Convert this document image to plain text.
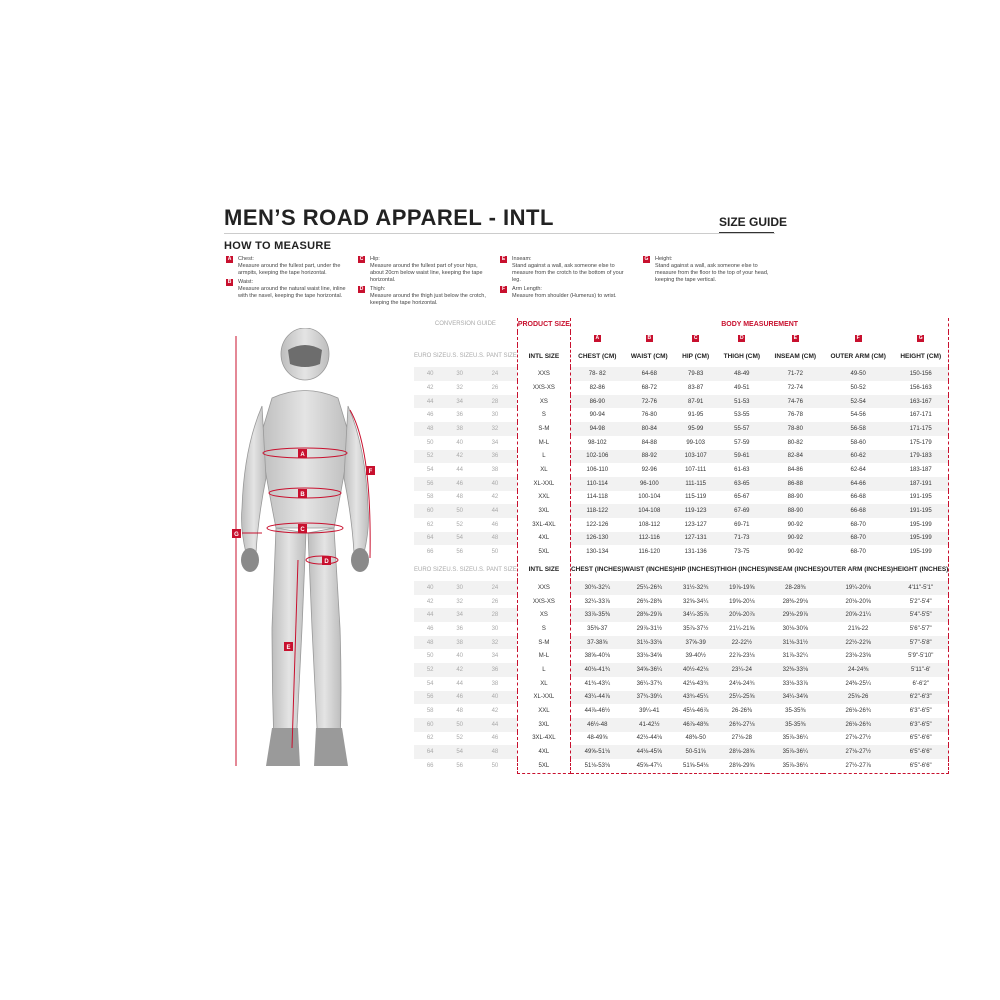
MEN’S ROAD APPAREL - INTL	SIZE GUIDE
HOW TO MEASURE
A	Chest:
Measure around the fullest part, under the armpits, keeping the tape horizontal.
B	Waist:
Measure around the natural waist line, inline with the navel, keeping the tape horizontal.
C	Hip:
Measure around the fullest part of your hips, about 20cm below waist line, keeping the tape horizontal.
D	Thigh:
Measure around the thigh just below the crotch, keeping the tape horizontal.
E	Inseam:
Stand against a wall, ask someone else to measure from the crotch to the bottom of your leg.
F	Arm Length:
Measure from shoulder (Humerus) to wrist.
G Height:
Stand against a wall, ask someone else to measure from the floor to the top of your head, keeping the tape vertical.
A
B
C
D
E
F
G
CONVERSION GUIDE			PRODUCT SIZE	BODY MEASUREMENT						
				A	B	C	D	E	F	G
EURO SIZE	U.S. SIZE	U.S. PANT SIZE	INTL SIZE	CHEST (CM)	WAIST (CM)	HIP (CM)	THIGH (CM)	INSEAM (CM)	OUTER ARM (CM)	HEIGHT (CM)
40	30	24	XXS	78- 82	64-68	79-83	48-49	71-72	49-50	150-156
42	32	26	XXS-XS	82-86	68-72	83-87	49-51	72-74	50-52	156-163
44	34	28	XS	86-90	72-76	87-91	51-53	74-76	52-54	163-167
46	36	30	S	90-94	76-80	91-95	53-55	76-78	54-56	167-171
48	38	32	S-M	94-98	80-84	95-99	55-57	78-80	56-58	171-175
50	40	34	M-L	98-102	84-88	99-103	57-59	80-82	58-60	175-179
52	42	36	L	102-106	88-92	103-107	59-61	82-84	60-62	179-183
54	44	38	XL	106-110	92-96	107-111	61-63	84-86	62-64	183-187
56	46	40	XL-XXL	110-114	96-100	111-115	63-65	86-88	64-66	187-191
58	48	42	XXL	114-118	100-104	115-119	65-67	88-90	66-68	191-195
60	50	44	3XL	118-122	104-108	119-123	67-69	88-90	66-68	191-195
62	52	46	3XL-4XL	122-126	108-112	123-127	69-71	90-92	68-70	195-199
64	54	48	4XL	126-130	112-116	127-131	71-73	90-92	68-70	195-199
66	56	50	5XL	130-134	116-120	131-136	73-75	90-92	68-70	195-199
EURO SIZE	U.S. SIZE	U.S. PANT SIZE	INTL SIZE	CHEST (INCHES)	WAIST (INCHES)	HIP (INCHES)	THIGH (INCHES)	INSEAM (INCHES)	OUTER ARM (INCHES)	HEIGHT (INCHES)
40	30	24	XXS	30¾-32¼	25¼-26¾	31½-32¾	19⅞-19⅝	28-28⅜	19¼-20⅛	4'11"-5'1"
42	32	26	XXS-XS	32¼-33⅞	26¾-28⅜	32⅝-34¼	19⅝-20⅛	28⅜-29⅛	20⅛-20⅝	5'2"-5'4"
44	34	28	XS	33⅞-35⅜	28⅜-29⅞	34¼-35⅞	20⅛-20⅞	29⅛-29⅞	20⅝-21¼	5'4"-5'5"
46	36	30	S	35⅜-37	29⅞-31½	35⅞-37½	21¼-21⅝	30⅛-30⅝	21⅝-22	5'6"-5'7"
48	38	32	S-M	37-38⅝	31½-33⅛	37⅝-39	22-22½	31⅛-31½	22½-22⅝	5'7"-5'8"
50	40	34	M-L	38⅝-40⅛	33⅛-34⅝	39-40½	22⅞-23⅛	31⅞-32¼	23⅛-23⅝	5'9"-5'10"
52	42	36	L	40⅛-41¾	34⅝-36¼	40½-42⅛	23¼-24	32⅜-33⅛	24-24⅜	5'11"-6'
54	44	38	XL	41¾-43¼	36¼-37¾	42⅛-43¾	24⅛-24¾	33⅛-33⅞	24⅜-25¼	6'-6'2"
56	46	40	XL-XXL	43¼-44⅞	37¾-39¼	43¾-45¼	25¼-25⅝	34¼-34⅝	25⅝-26	6'2"-6'3"
58	48	42	XXL	44⅞-46½	39¼-41	45⅛-46⅞	26-26⅜	35-35⅜	26⅛-26¾	6'3"-6'5"
60	50	44	3XL	46½-48	41-42½	46⅞-48⅜	26¾-27⅛	35-35⅜	26⅛-26¾	6'3"-6'5"
62	52	46	3XL-4XL	48-49⅝	42½-44⅛	48⅜-50	27⅛-28	35⅞-36¼	27⅛-27½	6'5"-6'6"
64	54	48	4XL	49⅝-51⅛	44⅛-45⅝	50-51⅝	28⅛-28⅝	35⅞-36¼	27⅛-27½	6'5"-6'6"
66	56	50	5XL	51⅛-53⅛	45⅝-47¼	51⅝-54⅛	28⅝-29⅝	35⅞-36¼	27½-27⅞	6'5"-6'6"
